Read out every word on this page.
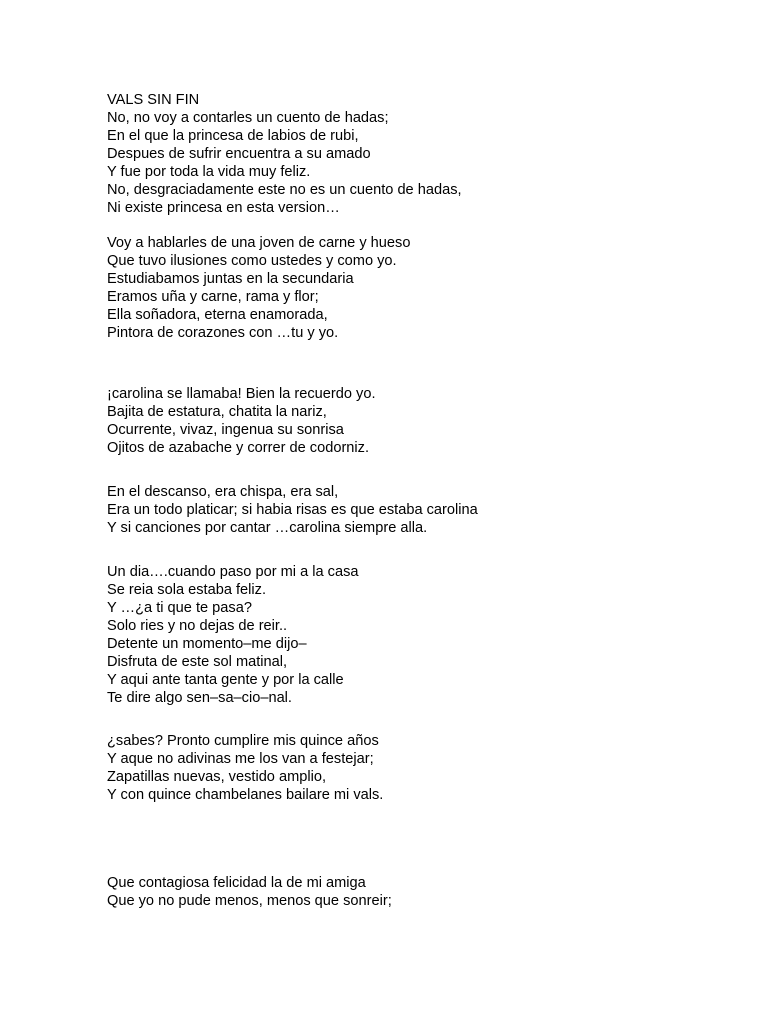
VALS SIN FIN

No, no voy a contarles un cuento de hadas;

En el que la princesa de labios de rubi,

Despues de sufrir encuentra a su amado

Y fue por toda la vida muy feliz.

No, desgraciadamente este no es un cuento de hadas,

Ni existe princesa en esta version…

Voy a hablarles de una joven de carne y hueso

Que tuvo ilusiones como ustedes y como yo.

Estudiabamos juntas en la secundaria

Eramos uña y carne, rama y flor;

Ella soñadora, eterna enamorada,

Pintora de corazones con …tu y yo.

¡carolina se llamaba! Bien la recuerdo yo.

Bajita de estatura, chatita la nariz,

Ocurrente, vivaz, ingenua su sonrisa

Ojitos de azabache y correr de codorniz.

En el descanso, era chispa, era sal,

Era un todo platicar; si habia risas es que estaba carolina

Y si canciones por cantar …carolina siempre alla.

Un dia….cuando paso por mi a la casa

Se reia sola estaba feliz.

Y …¿a ti que te pasa?

Solo ries y no dejas de reir..

Detente un momento–me dijo–

Disfruta de este sol matinal,

Y aqui ante tanta gente y por la calle

Te dire algo sen–sa–cio–nal.

¿sabes? Pronto cumplire mis quince años

Y aque no adivinas me los van a festejar;

Zapatillas nuevas, vestido amplio,

Y con quince chambelanes bailare mi vals.

Que contagiosa felicidad la de mi amiga

Que yo no pude menos, menos que sonreir;
